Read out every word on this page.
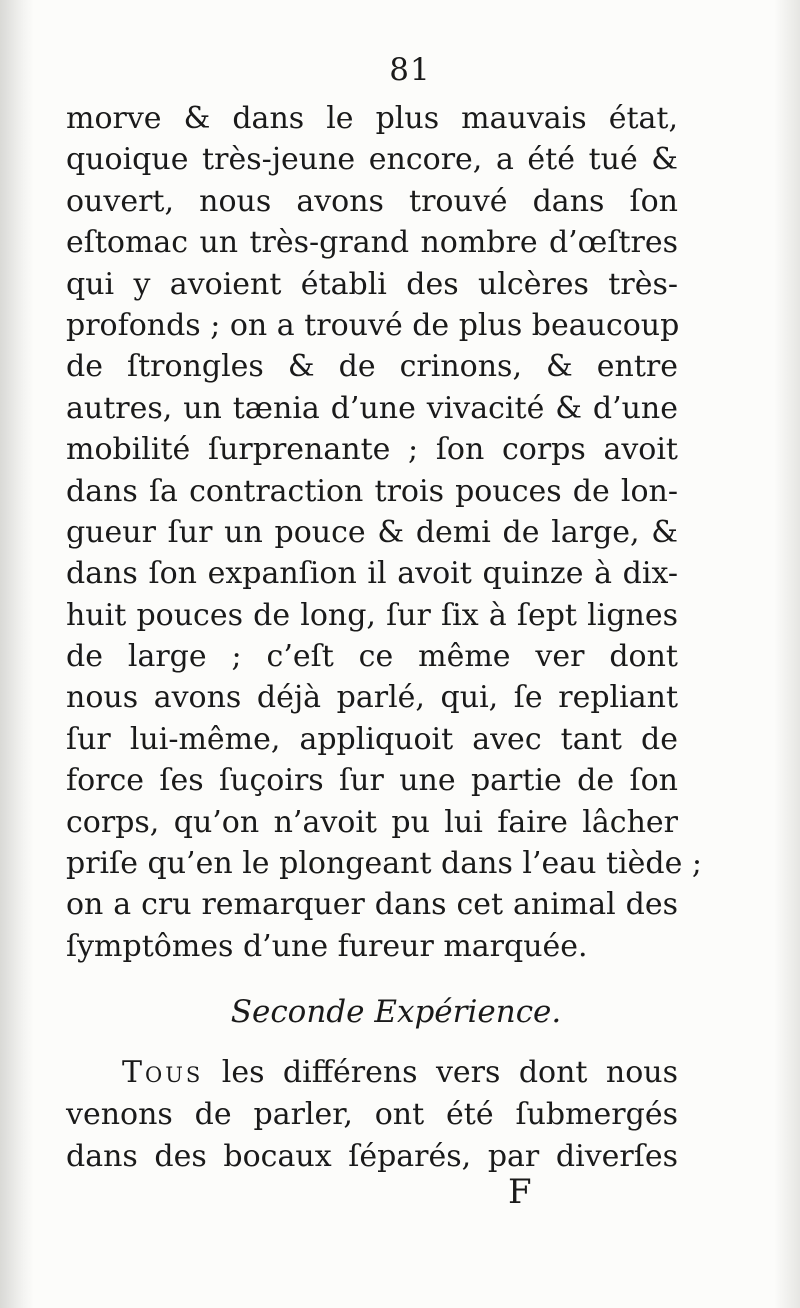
81
morve & dans le plus mauvais état,
quoique très-jeune encore, a été tué &
ouvert, nous avons trouvé dans ſon
eſtomac un très-grand nombre d’œſtres
qui y avoient établi des ulcères très-
profonds ; on a trouvé de plus beaucoup
de ſtrongles & de crinons, & entre
autres, un tænia d’une vivacité & d’une
mobilité ſurprenante ; ſon corps avoit
dans ſa contraction trois pouces de lon-
gueur ſur un pouce & demi de large, &
dans ſon expanſion il avoit quinze à dix-
huit pouces de long, ſur ſix à ſept lignes
de large ; c’eſt ce même ver dont
nous avons déjà parlé, qui, ſe repliant
ſur lui-même, appliquoit avec tant de
force ſes ſuçoirs ſur une partie de ſon
corps, qu’on n’avoit pu lui faire lâcher
priſe qu’en le plongeant dans l’eau tiède ;
on a cru remarquer dans cet animal des
ſymptômes d’une fureur marquée.
Seconde Expérience.
Tous les différens vers dont nous
venons de parler, ont été ſubmergés
dans des bocaux ſéparés, par diverſes
F
